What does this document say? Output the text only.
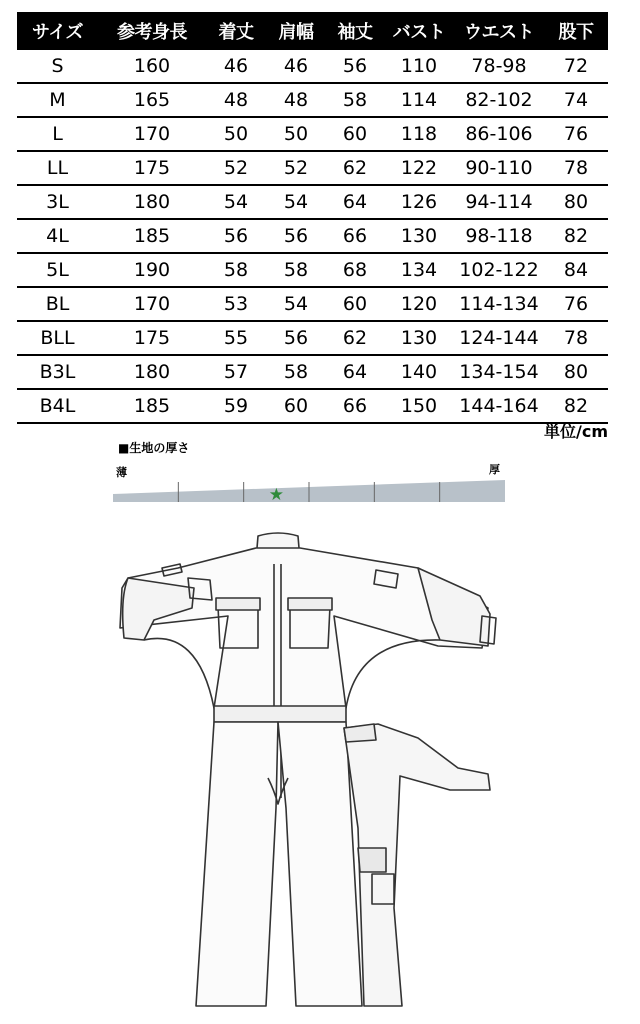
サイズ	参考身長	着丈	肩幅	袖丈	バスト	ウエスト	股下
S	160	46	46	56	110	78-98	72
M	165	48	48	58	114	82-102	74
L	170	50	50	60	118	86-106	76
LL	175	52	52	62	122	90-110	78
3L	180	54	54	64	126	94-114	80
4L	185	56	56	66	130	98-118	82
5L	190	58	58	68	134	102-122	84
BL	170	53	54	60	120	114-134	76
BLL	175	55	56	62	130	124-144	78
B3L	180	57	58	64	140	134-154	80
B4L	185	59	60	66	150	144-164	82
単位/cm
■生地の厚さ
薄	厚
★
